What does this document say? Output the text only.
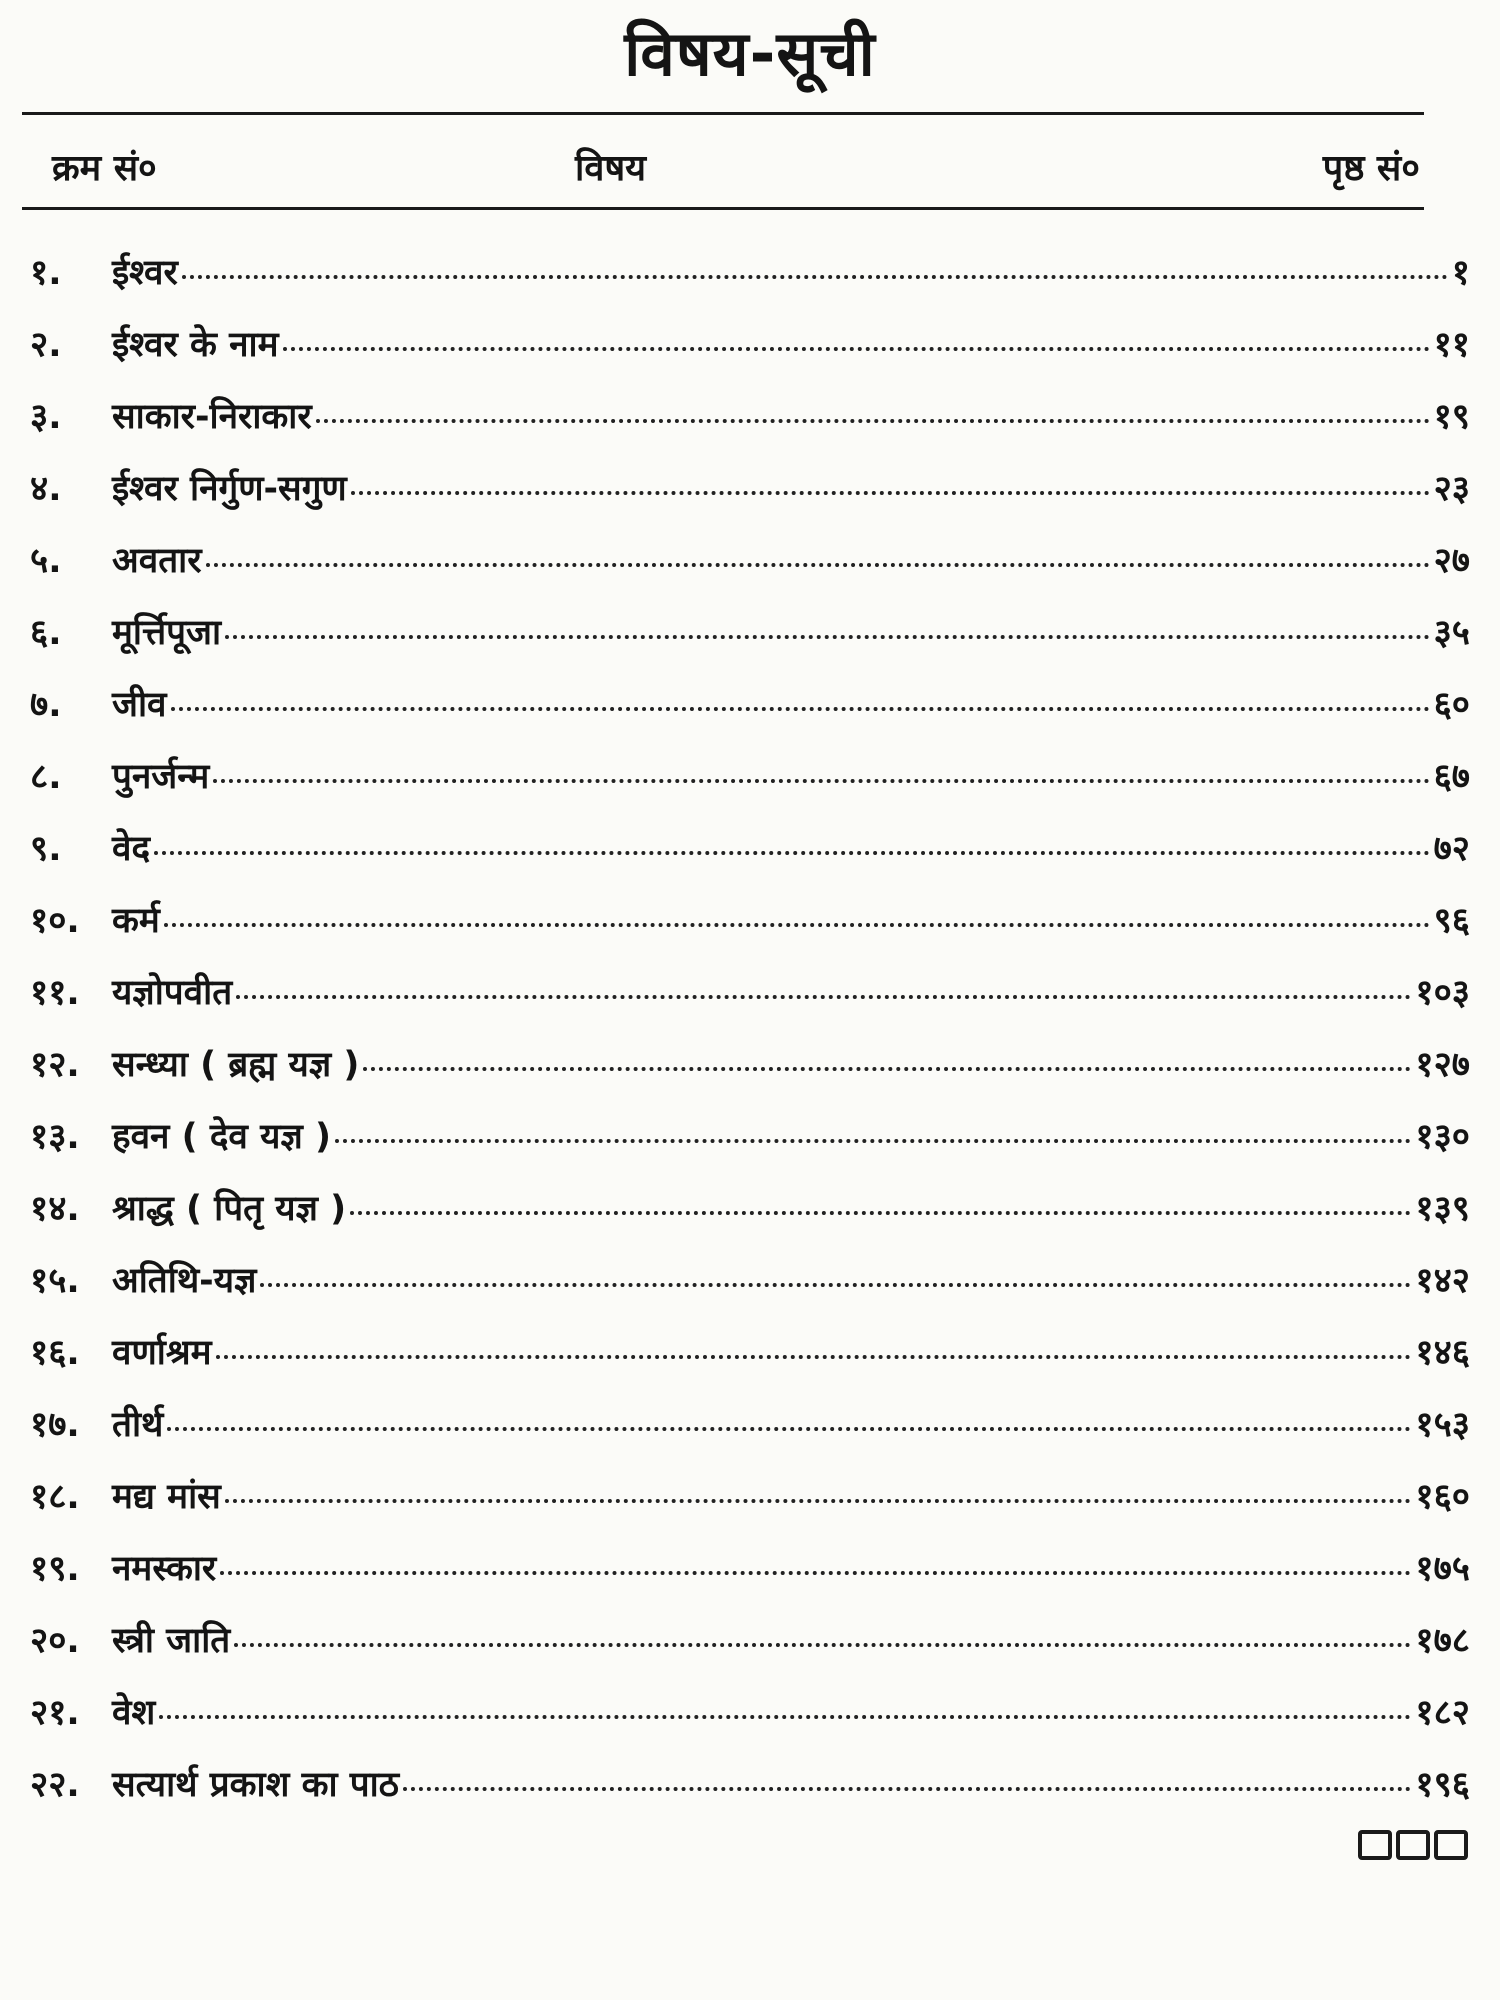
विषय-सूची
क्रम सं०	विषय	पृष्ठ सं०
१.	ईश्वर	१
२.	ईश्वर के नाम	११
३.	साकार-निराकार	१९
४.	ईश्वर निर्गुण-सगुण	२३
५.	अवतार	२७
६.	मूर्त्तिपूजा	३५
७.	जीव	६०
८.	पुनर्जन्म	६७
९.	वेद	७२
१०. कर्म	९६
११. यज्ञोपवीत	१०३
१२. सन्ध्या ( ब्रह्म यज्ञ )	१२७
१३. हवन ( देव यज्ञ )	१३०
१४. श्राद्ध ( पितृ यज्ञ )	१३९
१५. अतिथि-यज्ञ	१४२
१६. वर्णाश्रम	१४६
१७. तीर्थ	१५३
१८. मद्य मांस	१६०
१९. नमस्कार	१७५
२०. स्त्री जाति	१७८
२१. वेश	१८२
२२. सत्यार्थ प्रकाश का पाठ	१९६
